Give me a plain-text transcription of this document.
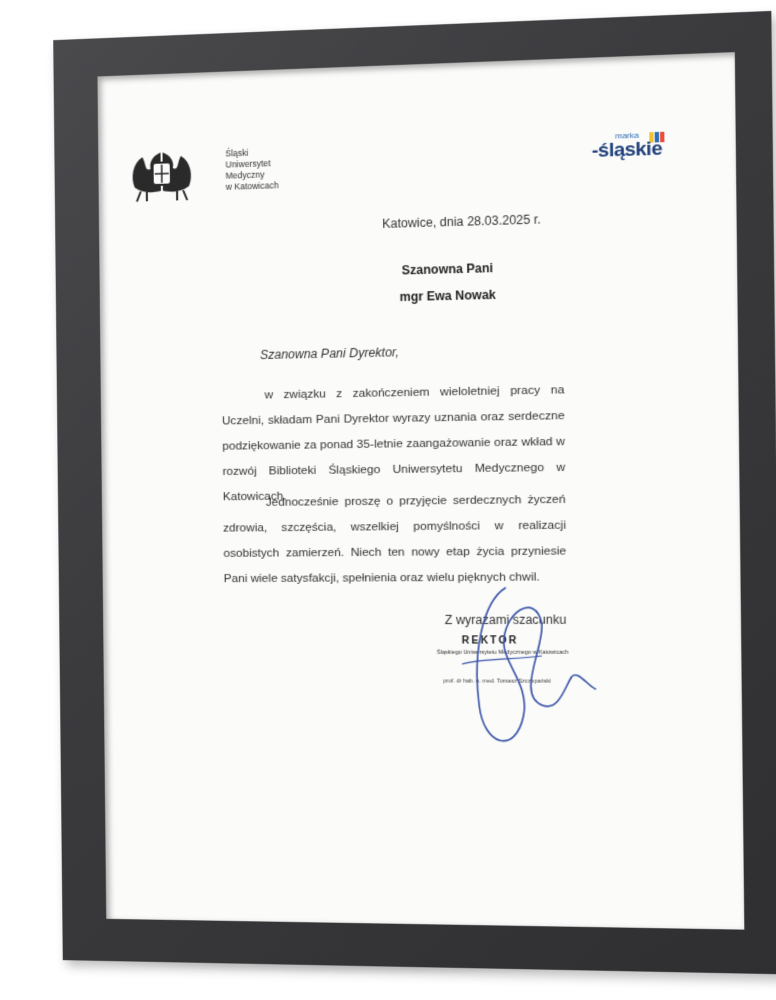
Śląski
Uniwersytet
Medyczny
w Katowicach
marka
-śląskie
Katowice, dnia 28.03.2025 r.
Szanowna Pani
mgr Ewa Nowak
Szanowna Pani Dyrektor,
w związku z zakończeniem wieloletniej pracy na Uczelni, składam Pani Dyrektor wyrazy uznania oraz serdeczne podziękowanie za ponad 35-letnie zaangażowanie oraz wkład w rozwój Biblioteki Śląskiego Uniwersytetu Medycznego w Katowicach.
Jednocześnie proszę o przyjęcie serdecznych życzeń zdrowia, szczęścia, wszelkiej pomyślności w realizacji osobistych zamierzeń. Niech ten nowy etap życia przyniesie Pani wiele satysfakcji, spełnienia oraz wielu pięknych chwil.
Z wyrazami szacunku
REKTOR
Śląskiego Uniwersytetu Medycznego w Katowicach
prof. dr hab. n. med. Tomasz Szczepański
